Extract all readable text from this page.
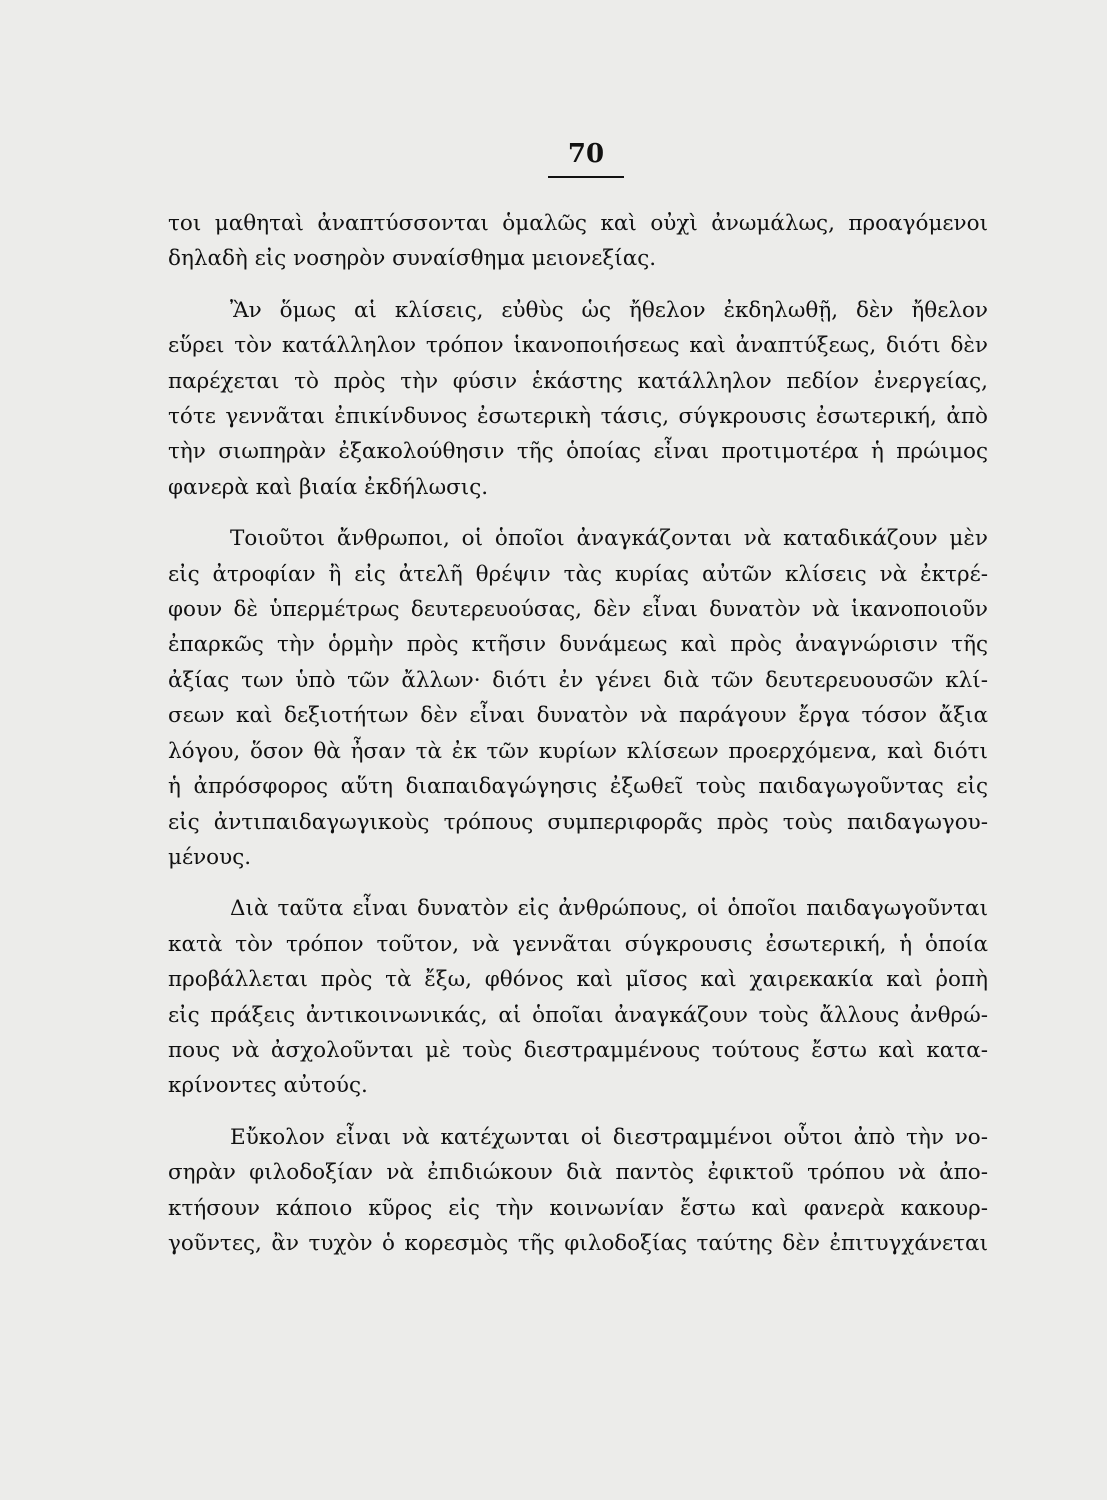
70

τοι μαθηταὶ ἀναπτύσσονται ὁμαλῶς καὶ οὐχὶ ἀνωμάλως, προαγόμενοι
δηλαδὴ εἰς νοσηρὸν συναίσθημα μειονεξίας.

Ἂν ὅμως αἱ κλίσεις, εὐθὺς ὡς ἤθελον ἐκδηλωθῇ, δὲν ἤθελον
εὕρει τὸν κατάλληλον τρόπον ἱκανοποιήσεως καὶ ἀναπτύξεως, διότι δὲν
παρέχεται τὸ πρὸς τὴν φύσιν ἑκάστης κατάλληλον πεδίον ἐνεργείας,
τότε γεννᾶται ἐπικίνδυνος ἐσωτερικὴ τάσις, σύγκρουσις ἐσωτερική, ἀπὸ
τὴν σιωπηρὰν ἐξακολούθησιν τῆς ὁποίας εἶναι προτιμοτέρα ἡ πρώιμος
φανερὰ καὶ βιαία ἐκδήλωσις.

Τοιοῦτοι ἄνθρωποι, οἱ ὁποῖοι ἀναγκάζονται νὰ καταδικάζουν μὲν
εἰς ἀτροφίαν ἢ εἰς ἀτελῆ θρέψιν τὰς κυρίας αὐτῶν κλίσεις νὰ ἐκτρέ-
φουν δὲ ὑπερμέτρως δευτερευούσας, δὲν εἶναι δυνατὸν νὰ ἱκανοποιοῦν
ἐπαρκῶς τὴν ὁρμὴν πρὸς κτῆσιν δυνάμεως καὶ πρὸς ἀναγνώρισιν τῆς
ἀξίας των ὑπὸ τῶν ἄλλων· διότι ἐν γένει διὰ τῶν δευτερευουσῶν κλί-
σεων καὶ δεξιοτήτων δὲν εἶναι δυνατὸν νὰ παράγουν ἔργα τόσον ἄξια
λόγου, ὅσον θὰ ἦσαν τὰ ἐκ τῶν κυρίων κλίσεων προερχόμενα, καὶ διότι
ἡ ἀπρόσφορος αὕτη διαπαιδαγώγησις ἐξωθεῖ τοὺς παιδαγωγοῦντας εἰς
εἰς ἀντιπαιδαγωγικοὺς τρόπους συμπεριφορᾶς πρὸς τοὺς παιδαγωγου-
μένους.

Διὰ ταῦτα εἶναι δυνατὸν εἰς ἀνθρώπους, οἱ ὁποῖοι παιδαγωγοῦνται
κατὰ τὸν τρόπον τοῦτον, νὰ γεννᾶται σύγκρουσις ἐσωτερική, ἡ ὁποία
προβάλλεται πρὸς τὰ ἔξω, φθόνος καὶ μῖσος καὶ χαιρεκακία καὶ ῥοπὴ
εἰς πράξεις ἀντικοινωνικάς, αἱ ὁποῖαι ἀναγκάζουν τοὺς ἄλλους ἀνθρώ-
πους νὰ ἀσχολοῦνται μὲ τοὺς διεστραμμένους τούτους ἔστω καὶ κατα-
κρίνοντες αὐτούς.

Εὔκολον εἶναι νὰ κατέχωνται οἱ διεστραμμένοι οὗτοι ἀπὸ τὴν νο-
σηρὰν φιλοδοξίαν νὰ ἐπιδιώκουν διὰ παντὸς ἐφικτοῦ τρόπου νὰ ἀπο-
κτήσουν κάποιο κῦρος εἰς τὴν κοινωνίαν ἔστω καὶ φανερὰ κακουρ-
γοῦντες, ἂν τυχὸν ὁ κορεσμὸς τῆς φιλοδοξίας ταύτης δὲν ἐπιτυγχάνεται
